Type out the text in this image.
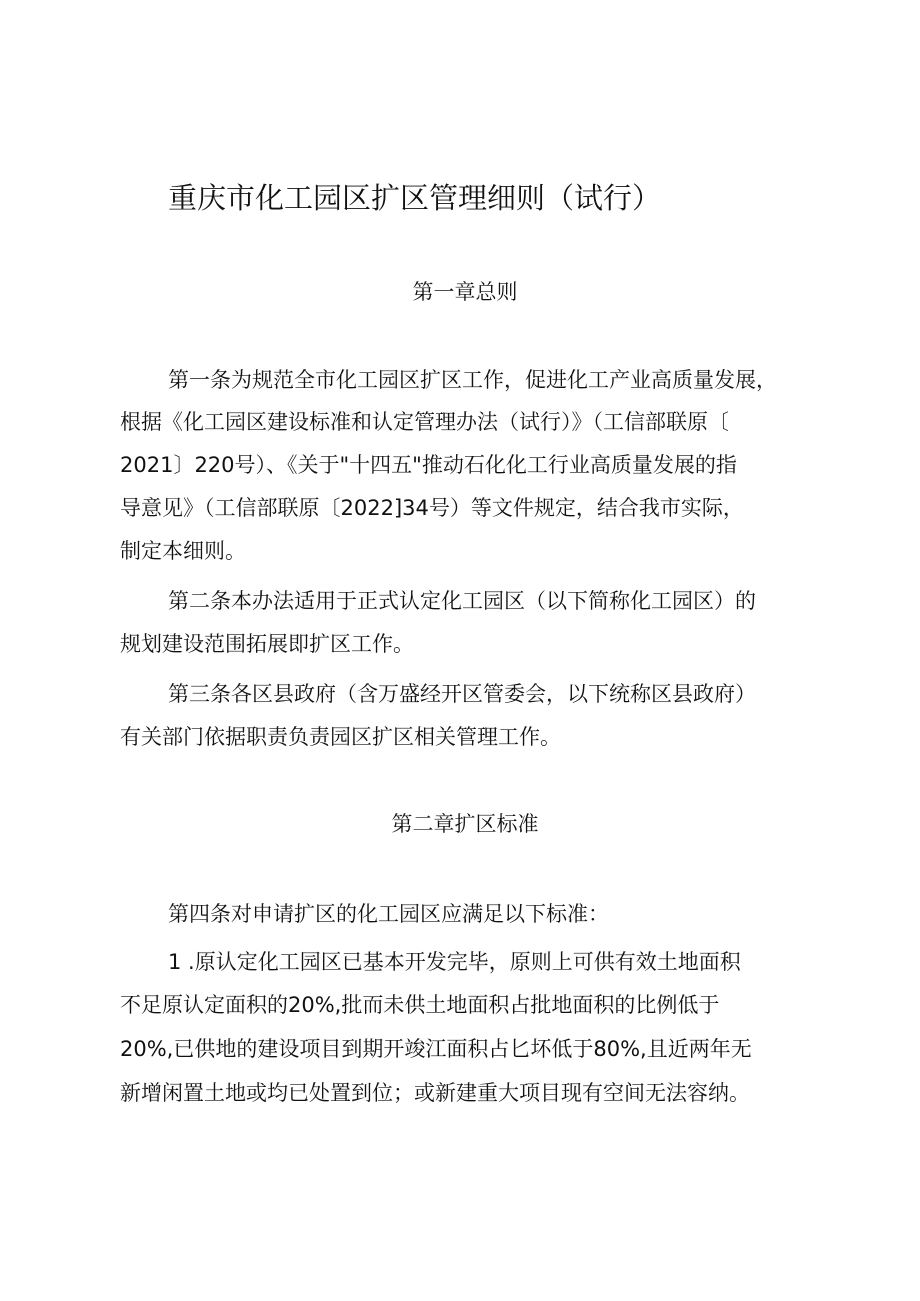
重庆市化工园区扩区管理细则（试行）
第一章总则
第一条为规范全市化工园区扩区工作，促进化工产业高质量发展，
根据《化工园区建设标准和认定管理办法（试行）》（工信部联原〔
2021〕220号）、《关于"十四五"推动石化化工行业高质量发展的指
导意见》（工信部联原〔2022]34号）等文件规定，结合我市实际，
制定本细则。
第二条本办法适用于正式认定化工园区（以下简称化工园区）的
规划建设范围拓展即扩区工作。
第三条各区县政府（含万盛经开区管委会，以下统称区县政府）
有关部门依据职责负责园区扩区相关管理工作。
第二章扩区标准
第四条对申请扩区的化工园区应满足以下标准：
1 .原认定化工园区已基本开发完毕，原则上可供有效土地面积
不足原认定面积的20%,批而未供土地面积占批地面积的比例低于
20%,已供地的建设项目到期开竣江面积占匕坏低于80%,且近两年无
新增闲置土地或均已处置到位；或新建重大项目现有空间无法容纳。
